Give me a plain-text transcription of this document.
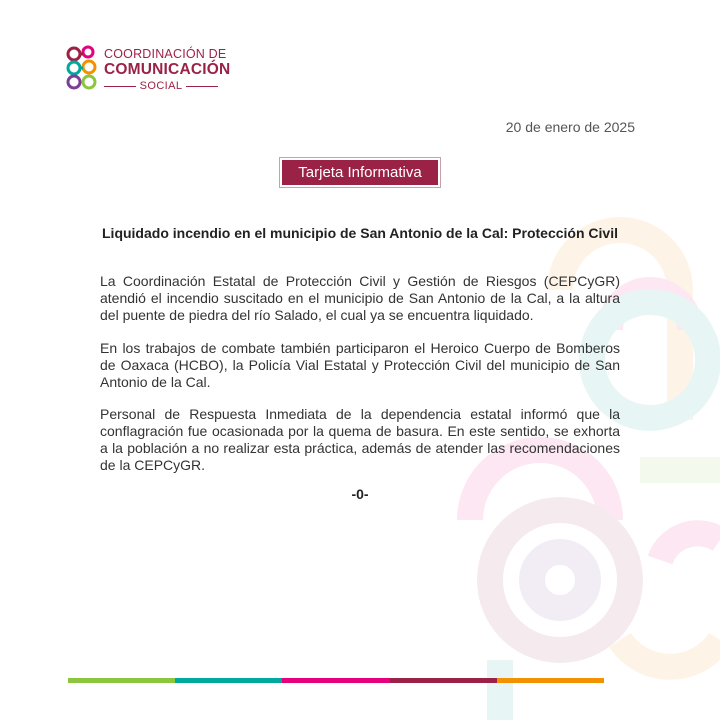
COORDINACIÓN DE
COMUNICACIÓN
SOCIAL
20 de enero de 2025
Tarjeta Informativa
Liquidado incendio en el municipio de San Antonio de la Cal: Protección Civil
La Coordinación Estatal de Protección Civil y Gestión de Riesgos (CEPCyGR) atendió el incendio suscitado en el municipio de San Antonio de la Cal, a la altura del puente de piedra del río Salado, el cual ya se encuentra liquidado.
En los trabajos de combate también participaron el Heroico Cuerpo de Bomberos de Oaxaca (HCBO), la Policía Vial Estatal y Protección Civil del municipio de San Antonio de la Cal.
Personal de Respuesta Inmediata de la dependencia estatal informó que la conflagración fue ocasionada por la quema de basura. En este sentido, se exhorta a la población a no realizar esta práctica, además de atender las recomendaciones de la CEPCyGR.
-0-
